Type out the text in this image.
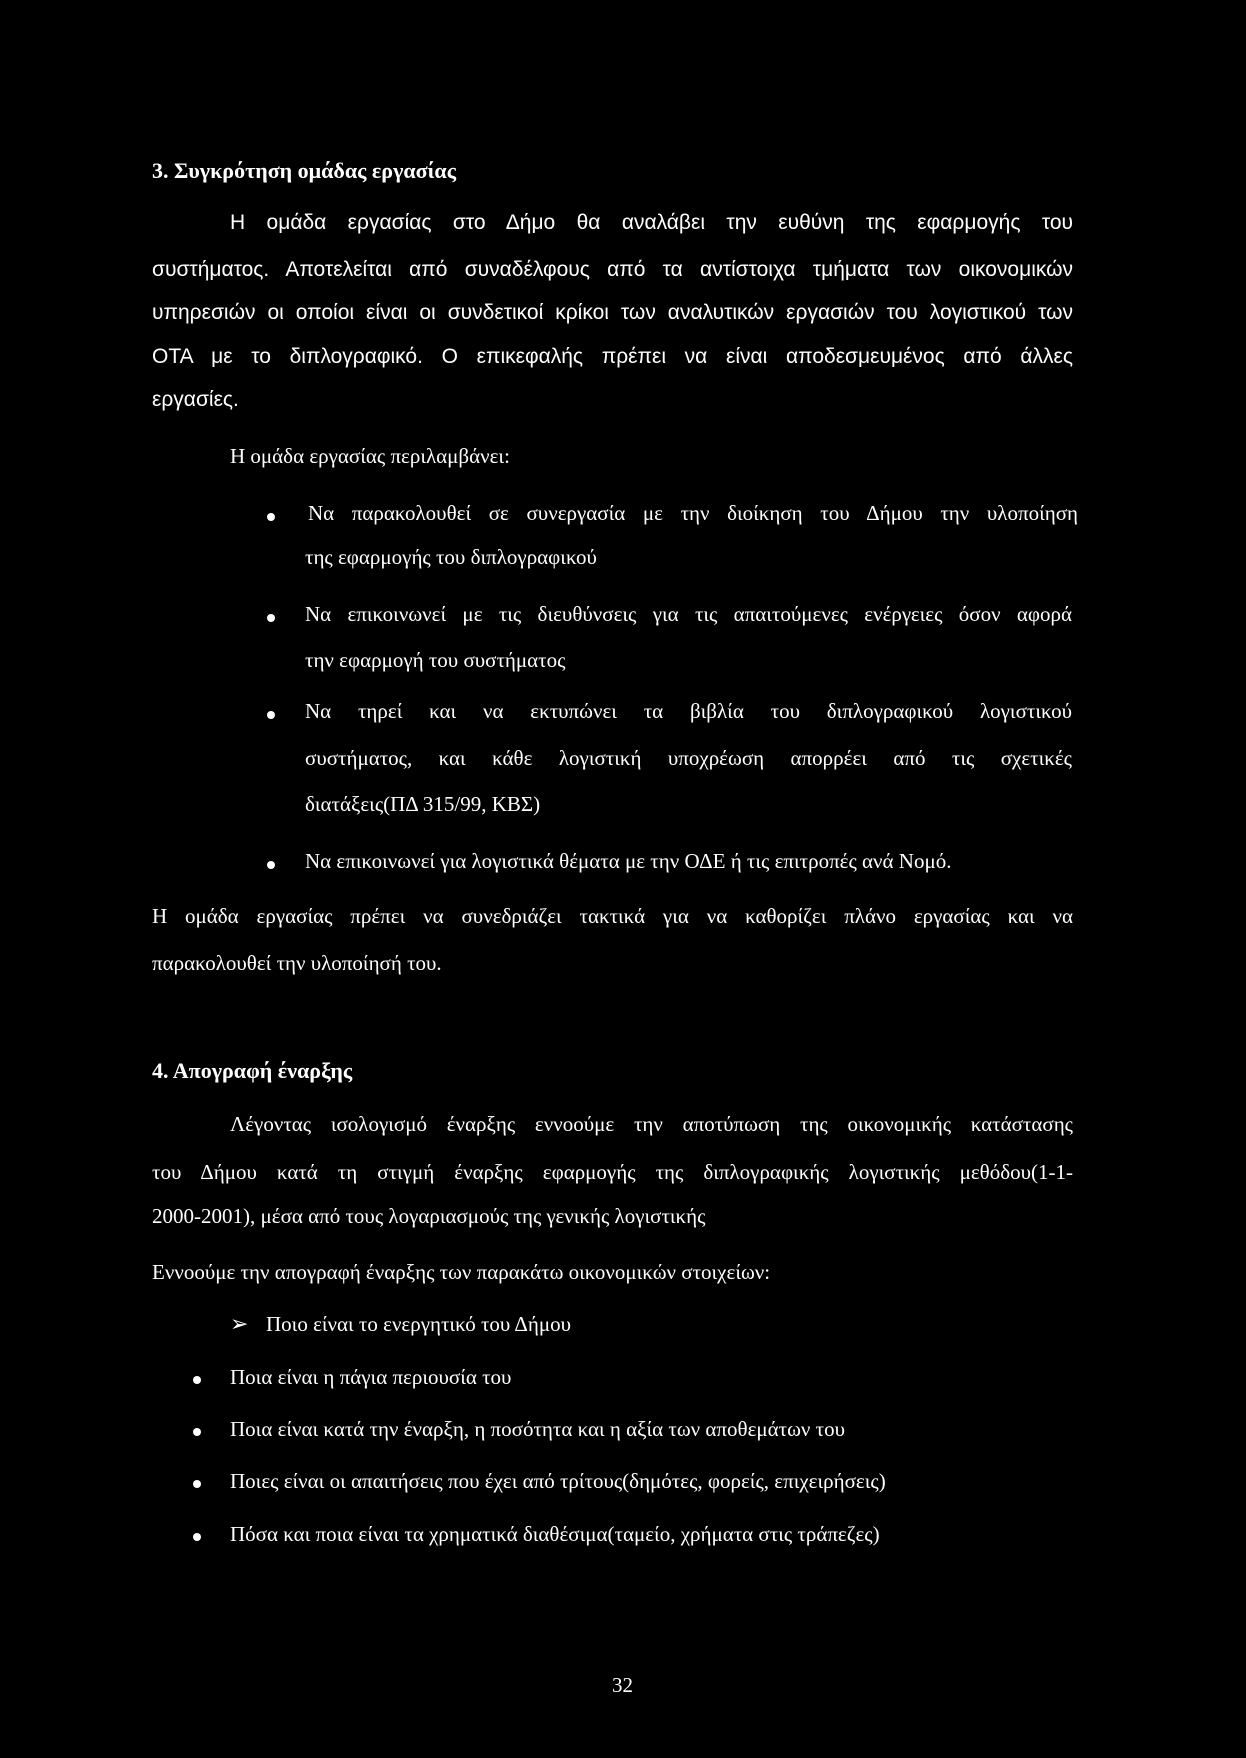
3. Συγκρότηση ομάδας εργασίας
Η ομάδα εργασίας στο Δήμο θα αναλάβει την ευθύνη της εφαρμογής του
συστήματος. Αποτελείται από συναδέλφους από τα αντίστοιχα τμήματα των οικονομικών
υπηρεσιών οι οποίοι είναι οι συνδετικοί κρίκοι των αναλυτικών εργασιών του λογιστικού των
ΟΤΑ με το διπλογραφικό. Ο επικεφαλής πρέπει να είναι αποδεσμευμένος από άλλες
εργασίες.
Η ομάδα εργασίας περιλαμβάνει:
Να παρακολουθεί σε συνεργασία με την διοίκηση του Δήμου την υλοποίηση
της εφαρμογής του διπλογραφικού
Να επικοινωνεί με τις διευθύνσεις για τις απαιτούμενες ενέργειες όσον αφορά
την εφαρμογή του συστήματος
Να τηρεί και να εκτυπώνει τα βιβλία του διπλογραφικού λογιστικού
συστήματος, και κάθε λογιστική υποχρέωση απορρέει από τις σχετικές
διατάξεις(ΠΔ 315/99, ΚΒΣ)
Να επικοινωνεί για λογιστικά θέματα με την ΟΔΕ ή τις επιτροπές ανά Νομό.
Η ομάδα εργασίας πρέπει να συνεδριάζει τακτικά για να καθορίζει πλάνο εργασίας και να
παρακολουθεί την υλοποίησή του.
4. Απογραφή έναρξης
Λέγοντας ισολογισμό έναρξης εννοούμε την αποτύπωση της οικονομικής κατάστασης
του Δήμου κατά τη στιγμή έναρξης εφαρμογής της διπλογραφικής λογιστικής μεθόδου(1-1-
2000-2001), μέσα από τους λογαριασμούς της γενικής λογιστικής
Εννοούμε την απογραφή έναρξης των παρακάτω οικονομικών στοιχείων:
➢ Ποιο είναι το ενεργητικό του Δήμου
Ποια είναι η πάγια περιουσία του
Ποια είναι κατά την έναρξη, η ποσότητα και η αξία των αποθεμάτων του
Ποιες είναι οι απαιτήσεις που έχει από τρίτους(δημότες, φορείς, επιχειρήσεις)
Πόσα και ποια είναι τα χρηματικά διαθέσιμα(ταμείο, χρήματα στις τράπεζες)
32
